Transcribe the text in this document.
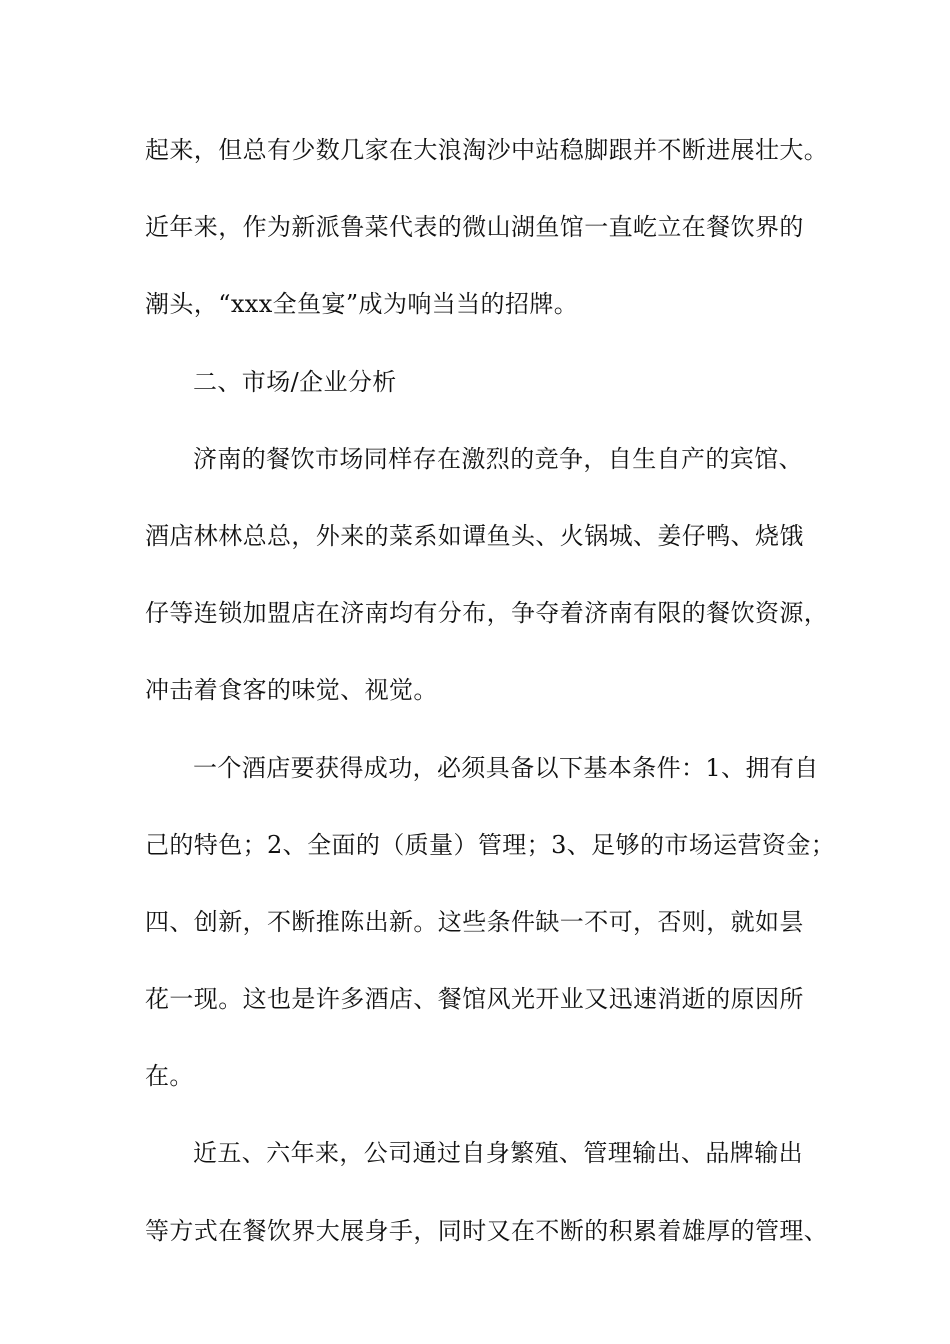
起来，但总有少数几家在大浪淘沙中站稳脚跟并不断进展壮大。
近年来，作为新派鲁菜代表的微山湖鱼馆一直屹立在餐饮界的
潮头，“xxx全鱼宴”成为响当当的招牌。
二、市场/企业分析
济南的餐饮市场同样存在激烈的竞争，自生自产的宾馆、
酒店林林总总，外来的菜系如谭鱼头、火锅城、姜仔鸭、烧饿
仔等连锁加盟店在济南均有分布，争夺着济南有限的餐饮资源，
冲击着食客的味觉、视觉。
一个酒店要获得成功，必须具备以下基本条件：1、拥有自
己的特色；2、全面的（质量）管理；3、足够的市场运营资金；
四、创新，不断推陈出新。这些条件缺一不可，否则，就如昙
花一现。这也是许多酒店、餐馆风光开业又迅速消逝的原因所
在。
近五、六年来，公司通过自身繁殖、管理输出、品牌输出
等方式在餐饮界大展身手，同时又在不断的积累着雄厚的管理、
